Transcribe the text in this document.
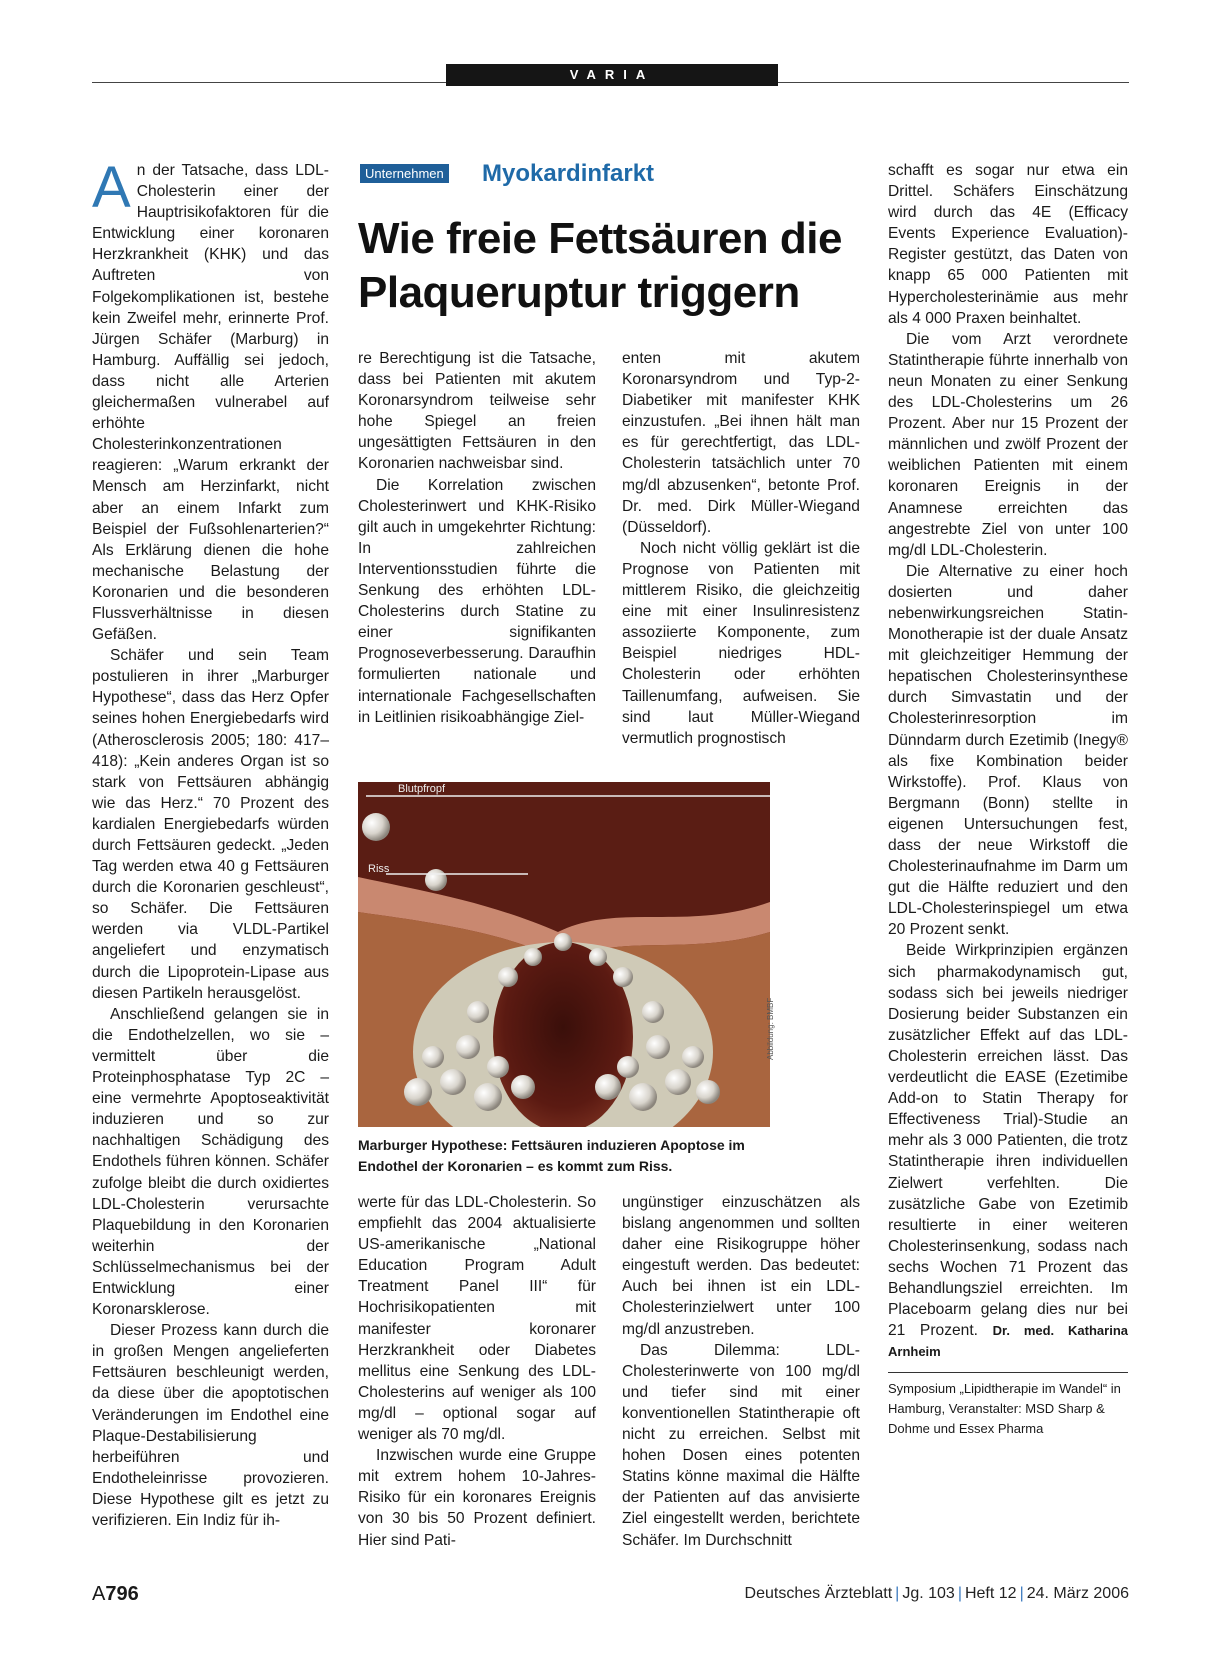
VARIA

An der Tatsache, dass LDL-Cholesterin einer der Hauptrisikofaktoren für die Entwicklung einer koronaren Herzkrankheit (KHK) und das Auftreten von Folgekomplikationen ist, bestehe kein Zweifel mehr, erinnerte Prof. Jürgen Schäfer (Marburg) in Hamburg. Auffällig sei jedoch, dass nicht alle Arterien gleichermaßen vulnerabel auf erhöhte Cholesterinkonzentrationen reagieren: „Warum erkrankt der Mensch am Herzinfarkt, nicht aber an einem Infarkt zum Beispiel der Fußsohlenarterien?“ Als Erklärung dienen die hohe mechanische Belastung der Koronarien und die besonderen Flussverhältnisse in diesen Gefäßen.

Schäfer und sein Team postulieren in ihrer „Marburger Hypothese“, dass das Herz Opfer seines hohen Energiebedarfs wird (Atherosclerosis 2005; 180: 417–418): „Kein anderes Organ ist so stark von Fettsäuren abhängig wie das Herz.“ 70 Prozent des kardialen Energiebedarfs würden durch Fettsäuren gedeckt. „Jeden Tag werden etwa 40 g Fettsäuren durch die Koronarien geschleust“, so Schäfer. Die Fettsäuren werden via VLDL-Partikel angeliefert und enzymatisch durch die Lipoprotein-Lipase aus diesen Partikeln herausgelöst.

Anschließend gelangen sie in die Endothelzellen, wo sie – vermittelt über die Proteinphosphatase Typ 2C – eine vermehrte Apoptoseaktivität induzieren und so zur nachhaltigen Schädigung des Endothels führen können. Schäfer zufolge bleibt die durch oxidiertes LDL-Cholesterin verursachte Plaquebildung in den Koronarien weiterhin der Schlüsselmechanismus bei der Entwicklung einer Koronarsklerose.

Dieser Prozess kann durch die in großen Mengen angelieferten Fettsäuren beschleunigt werden, da diese über die apoptotischen Veränderungen im Endothel eine Plaque-Destabilisierung herbeiführen und Endotheleinrisse provozieren. Diese Hypothese gilt es jetzt zu verifizieren. Ein Indiz für ih-

Unternehmen Myokardinfarkt
Wie freie Fettsäuren die Plaqueruptur triggern

re Berechtigung ist die Tatsache, dass bei Patienten mit akutem Koronarsyndrom teilweise sehr hohe Spiegel an freien ungesättigten Fettsäuren in den Koronarien nachweisbar sind.

Die Korrelation zwischen Cholesterinwert und KHK-Risiko gilt auch in umgekehrter Richtung: In zahlreichen Interventionsstudien führte die Senkung des erhöhten LDL-Cholesterins durch Statine zu einer signifikanten Prognoseverbesserung. Daraufhin formulierten nationale und internationale Fachgesellschaften in Leitlinien risikoabhängige Ziel-

enten mit akutem Koronarsyndrom und Typ-2-Diabetiker mit manifester KHK einzustufen. „Bei ihnen hält man es für gerechtfertigt, das LDL-Cholesterin tatsächlich unter 70 mg/dl abzusenken“, betonte Prof. Dr. med. Dirk Müller-Wiegand (Düsseldorf).

Noch nicht völlig geklärt ist die Prognose von Patienten mit mittlerem Risiko, die gleichzeitig eine mit einer Insulinresistenz assoziierte Komponente, zum Beispiel niedriges HDL-Cholesterin oder erhöhten Taillenumfang, aufweisen. Sie sind laut Müller-Wiegand vermutlich prognostisch

Blutpfropf
Riss
Abbildung: BMBF
Marburger Hypothese: Fettsäuren induzieren Apoptose im Endothel der Koronarien – es kommt zum Riss.

werte für das LDL-Cholesterin. So empfiehlt das 2004 aktualisierte US-amerikanische „National Education Program Adult Treatment Panel III“ für Hochrisikopatienten mit manifester koronarer Herzkrankheit oder Diabetes mellitus eine Senkung des LDL-Cholesterins auf weniger als 100 mg/dl – optional sogar auf weniger als 70 mg/dl.

Inzwischen wurde eine Gruppe mit extrem hohem 10-Jahres-Risiko für ein koronares Ereignis von 30 bis 50 Prozent definiert. Hier sind Pati-

ungünstiger einzuschätzen als bislang angenommen und sollten daher eine Risikogruppe höher eingestuft werden. Das bedeutet: Auch bei ihnen ist ein LDL-Cholesterinzielwert unter 100 mg/dl anzustreben.

Das Dilemma: LDL-Cholesterinwerte von 100 mg/dl und tiefer sind mit einer konventionellen Statintherapie oft nicht zu erreichen. Selbst mit hohen Dosen eines potenten Statins könne maximal die Hälfte der Patienten auf das anvisierte Ziel eingestellt werden, berichtete Schäfer. Im Durchschnitt

schafft es sogar nur etwa ein Drittel. Schäfers Einschätzung wird durch das 4E (Efficacy Events Experience Evaluation)-Register gestützt, das Daten von knapp 65 000 Patienten mit Hypercholesterinämie aus mehr als 4 000 Praxen beinhaltet.

Die vom Arzt verordnete Statintherapie führte innerhalb von neun Monaten zu einer Senkung des LDL-Cholesterins um 26 Prozent. Aber nur 15 Prozent der männlichen und zwölf Prozent der weiblichen Patienten mit einem koronaren Ereignis in der Anamnese erreichten das angestrebte Ziel von unter 100 mg/dl LDL-Cholesterin.

Die Alternative zu einer hoch dosierten und daher nebenwirkungsreichen Statin-Monotherapie ist der duale Ansatz mit gleichzeitiger Hemmung der hepatischen Cholesterinsynthese durch Simvastatin und der Cholesterinresorption im Dünndarm durch Ezetimib (Inegy® als fixe Kombination beider Wirkstoffe). Prof. Klaus von Bergmann (Bonn) stellte in eigenen Untersuchungen fest, dass der neue Wirkstoff die Cholesterinaufnahme im Darm um gut die Hälfte reduziert und den LDL-Cholesterinspiegel um etwa 20 Prozent senkt.

Beide Wirkprinzipien ergänzen sich pharmakodynamisch gut, sodass sich bei jeweils niedriger Dosierung beider Substanzen ein zusätzlicher Effekt auf das LDL-Cholesterin erreichen lässt. Das verdeutlicht die EASE (Ezetimibe Add-on to Statin Therapy for Effectiveness Trial)-Studie an mehr als 3 000 Patienten, die trotz Statintherapie ihren individuellen Zielwert verfehlten. Die zusätzliche Gabe von Ezetimib resultierte in einer weiteren Cholesterinsenkung, sodass nach sechs Wochen 71 Prozent das Behandlungsziel erreichten. Im Placeboarm gelang dies nur bei 21 Prozent. Dr. med. Katharina Arnheim

Symposium „Lipidtherapie im Wandel“ in Hamburg, Veranstalter: MSD Sharp & Dohme und Essex Pharma
A796	Deutsches Ärzteblatt | Jg. 103 | Heft 12 | 24. März 2006
